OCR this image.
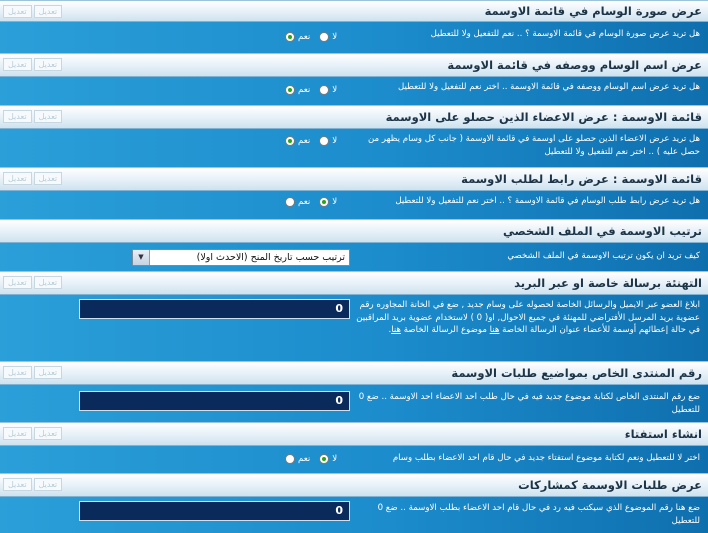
تعديل	تعديل	عرض صورة الوسام في قائمة الاوسمة
هل تريد عرض صورة الوسام في قائمة الاوسمة ؟ .. نعم للتفعيل ولا للتعطيل
نعم	لا
تعديل	تعديل	عرض اسم الوسام ووصفه في قائمة الاوسمة
هل تريد عرض اسم الوسام ووصفه في قائمة الاوسمة .. اختر نعم للتفعيل ولا للتعطيل
نعم	لا
تعديل	تعديل	قائمة الاوسمة : عرض الاعضاء الذين حصلو على الاوسمة
هل تريد عرض الاعضاء الذين حصلو على اوسمة في قائمة الاوسمة ( جانب كل وسام يظهر من حصل عليه ) .. اختر نعم للتفعيل ولا للتعطيل
نعم	لا
تعديل	تعديل	قائمة الاوسمة : عرض رابط لطلب الاوسمة
هل تريد عرض رابط طلب الوسام في قائمة الاوسمة ؟ .. اختر نعم للتفعيل ولا للتعطيل
نعم	لا
ترتيب الاوسمة في الملف الشخصي
كيف تريد ان يكون ترتيب الاوسمة في الملف الشخصي
ترتيب حسب تاريخ المنح (الاحدث اولا)
▼
تعديل	تعديل	التهنئة برسالة خاصة او عبر البريد
ابلاغ العضو عبر الايميل والرسائل الخاصة لحصوله على وسام جديد , ضع في الخانة المجاوره رقم عضوية بريد المرسل الأفتراضي للمهنئة في جميع الاحوال, او( 0 ) لاستخدام عضوية بريد المراقبين في حالة إعطائهم أوسمة للأعضاء عنوان الرسالة الخاصة هنا موضوع الرسالة الخاصة هنا.
0
تعديل	تعديل	رقم المنتدى الخاص بمواضيع طلبات الاوسمة
ضع رقم المنتدى الخاص لكتابة موضوع جديد فيه في حال طلب احد الاعضاء احد الاوسمة .. ضع 0 للتعطيل
0
تعديل	تعديل	انشاء استفتاء
اختر لا للتعطيل ونعم لكتابة موضوع استفتاء جديد في حال قام احد الاعضاء بطلب وسام
نعم	لا
تعديل	تعديل	عرض طلبات الاوسمة كمشاركات
ضع هنا رقم الموضوع الذي سيكتب فيه رد في حال قام احد الاعضاء بطلب الاوسمة .. ضع 0 للتعطيل
0
